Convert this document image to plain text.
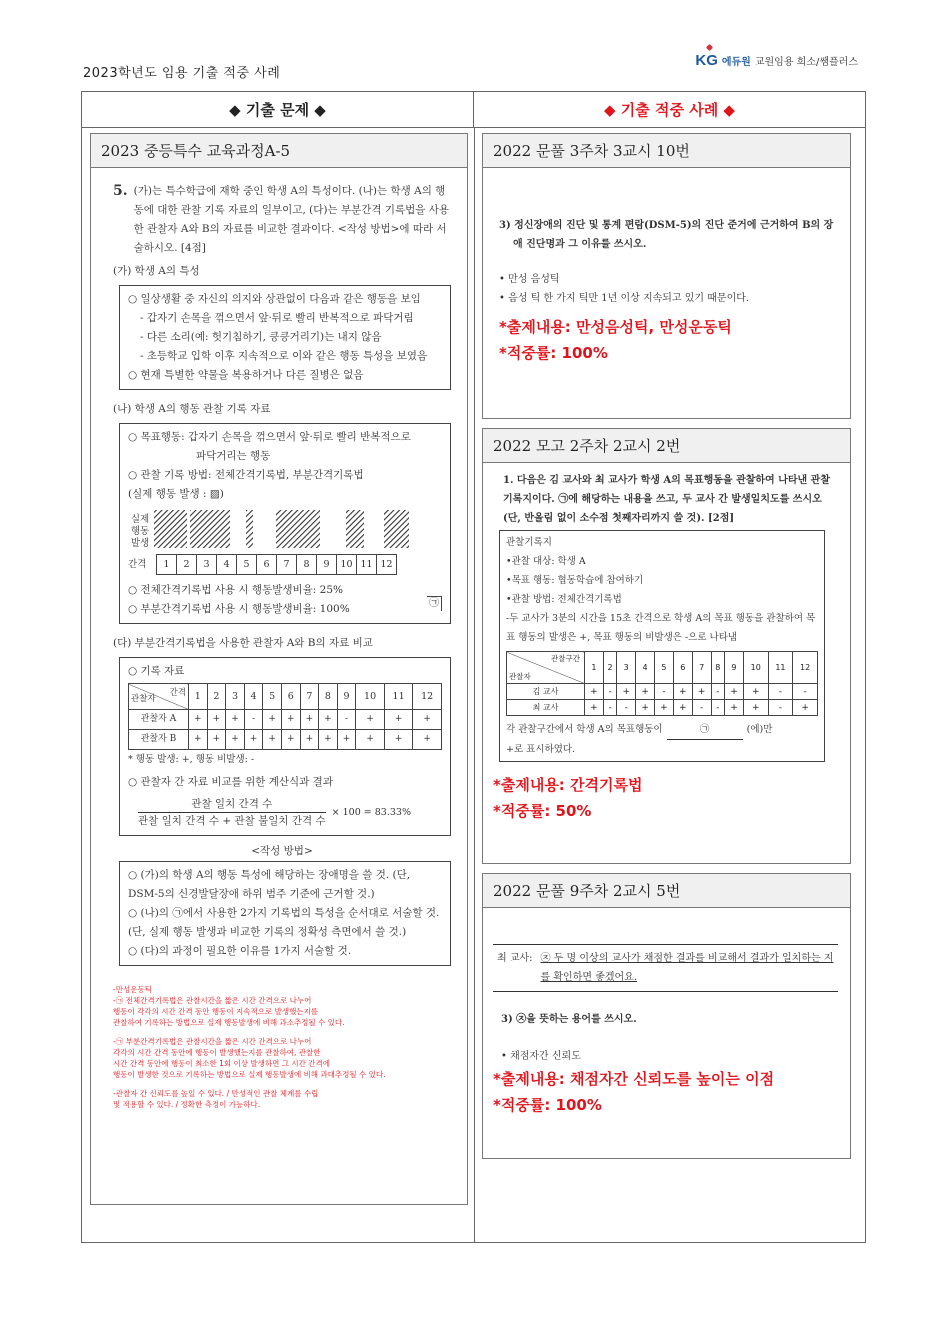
2023학년도 임용 기출 적중 사례
KG 에듀원 교원임용 희소/쌤플러스
◆ 기출 문제 ◆	◆ 기출 적중 사례 ◆
2023 중등특수 교육과정A-5
5. (가)는 특수학급에 재학 중인 학생 A의 특성이다. (나)는 학생 A의 행동에 대한 관찰 기록 자료의 일부이고, (다)는 부분간격 기록법을 사용한 관찰자 A와 B의 자료를 비교한 결과이다. <작성 방법>에 따라 서술하시오. [4점]
(가) 학생 A의 특성
○ 일상생활 중 자신의 의지와 상관없이 다음과 같은 행동을 보임
- 갑자기 손목을 꺾으면서 앞·뒤로 빨리 반복적으로 파닥거림
- 다른 소리(예: 헛기침하기, 킁킁거리기)는 내지 않음
- 초등학교 입학 이후 지속적으로 이와 같은 행동 특성을 보였음
○ 현재 특별한 약물을 복용하거나 다른 질병은 없음
(나) 학생 A의 행동 관찰 기록 자료
○ 목표행동: 갑자기 손목을 꺾으면서 앞·뒤로 빨리 반복적으로
파닥거리는 행동
○ 관찰 기록 방법: 전체간격기록법, 부분간격기록법
(실제 행동 발생 : ▨)
실제 행동 발생
간격	1	2	3	4	5	6	7	8	9	10	11	12
○ 전체간격기록법 사용 시 행동발생비율: 25%
○ 부분간격기록법 사용 시 행동발생비율: 100%	㉠
(다) 부분간격기록법을 사용한 관찰자 A와 B의 자료 비교
○ 기록 자료
간격
관찰자	1	2	3	4	5	6	7	8	9	10	11	12
관찰자 A	+	+	+	-	+	+	+	+	-	+	+	+
관찰자 B	+	+	+	+	+	+	+	+	+	+	+	+
* 행동 발생: +, 행동 비발생: -
○ 관찰자 간 자료 비교를 위한 계산식과 결과
관찰 일치 간격 수
관찰 일치 간격 수 + 관찰 불일치 간격 수
× 100 = 83.33%
<작성 방법>
○ (가)의 학생 A의 행동 특성에 해당하는 장애명을 쓸 것. (단, DSM-5의 신경발달장애 하위 범주 기준에 근거할 것.)
○ (나)의 ㉠에서 사용한 2가지 기록법의 특성을 순서대로 서술할 것. (단, 실제 행동 발생과 비교한 기록의 정확성 측면에서 쓸 것.)
○ (다)의 과정이 필요한 이유를 1가지 서술할 것.
-만성운동틱
-㉠ 전체간격기록법은 관찰시간을 짧은 시간 간격으로 나누어
행동이 각각의 시간 간격 동안 행동이 지속적으로 발생했는지를
관찰하여 기록하는 방법으로 실제 행동발생에 비해 과소추정될 수 있다.
-㉠ 부분간격기록법은 관찰시간을 짧은 시간 간격으로 나누어
각각의 시간 간격 동안에 행동이 발생했는지를 관찰하여, 관찰한
시간 간격 동안에 행동이 최소한 1회 이상 발생하면 그 시간 간격에
행동이 발생한 것으로 기록하는 방법으로 실제 행동발생에 비해 과대추정될 수 있다.
-관찰자 간 신뢰도를 높일 수 있다. / 만성적인 관찰 체계를 수립
및 적용할 수 있다. / 정확한 측정이 가능하다.
2022 문풀 3주차 3교시 10번
3) 정신장애의 진단 및 통계 편람(DSM-5)의 진단 준거에 근거하여 B의 장애 진단명과 그 이유를 쓰시오.
• 만성 음성틱
• 음성 틱 한 가지 틱만 1년 이상 지속되고 있기 때문이다.
*출제내용: 만성음성틱, 만성운동틱
*적중률: 100%
2022 모고 2주차 2교시 2번
1. 다음은 김 교사와 최 교사가 학생 A의 목표행동을 관찰하여 나타낸 관찰기록지이다. ㉠에 해당하는 내용을 쓰고, 두 교사 간 발생일치도를 쓰시오(단, 반올림 없이 소수점 첫째자리까지 쓸 것). [2점]
관찰기록지
•관찰 대상: 학생 A
•목표 행동: 협동학습에 참여하기
•관찰 방법: 전체간격기록법
-두 교사가 3분의 시간을 15초 간격으로 학생 A의 목표 행동을 관찰하여 목표 행동의 발생은 +, 목표 행동의 비발생은 -으로 나타냄
관찰구간
관찰자	1	2	3	4	5	6	7	8	9	10	11	12
김 교사	+	-	+	+	-	+	+	-	+	+	-	-
최 교사	+	-	-	+	+	+	-	-	+	+	-	+
각 관찰구간에서 학생 A의 목표행동이	㉠	(에)만
+로 표시하였다.
*출제내용: 간격기록법
*적중률: 50%
2022 문풀 9주차 2교시 5번
최 교사: ㉨ 두 명 이상의 교사가 채점한 결과를 비교해서 결과가 일치하는 지를 확인하면 좋겠어요.
3) ㉨을 뜻하는 용어를 쓰시오.
• 채점자간 신뢰도
*출제내용: 채점자간 신뢰도를 높이는 이점
*적중률: 100%
